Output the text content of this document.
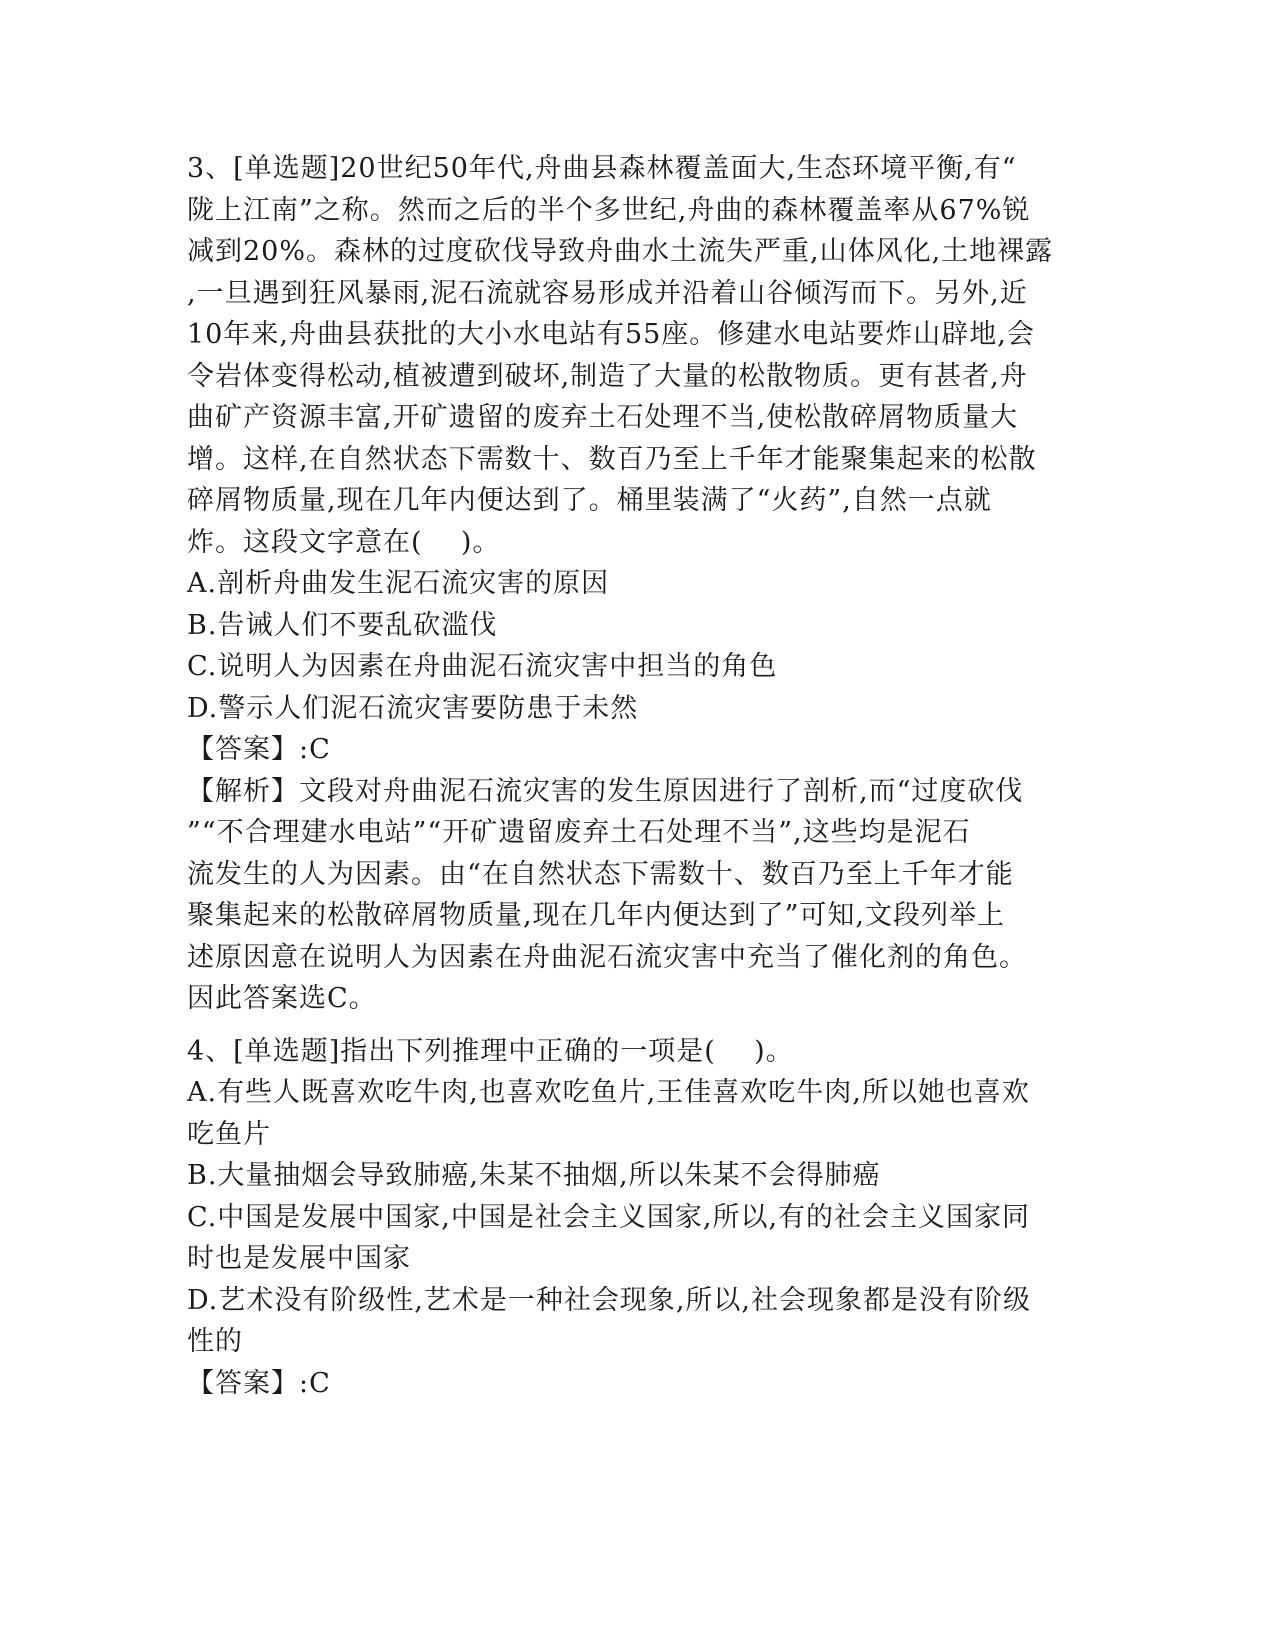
3、[单选题]20世纪50年代,舟曲县森林覆盖面大,生态环境平衡,有“
陇上江南”之称。然而之后的半个多世纪,舟曲的森林覆盖率从67%锐
减到20%。森林的过度砍伐导致舟曲水土流失严重,山体风化,土地裸露
,一旦遇到狂风暴雨,泥石流就容易形成并沿着山谷倾泻而下。另外,近
10年来,舟曲县获批的大小水电站有55座。修建水电站要炸山辟地,会
令岩体变得松动,植被遭到破坏,制造了大量的松散物质。更有甚者,舟
曲矿产资源丰富,开矿遗留的废弃土石处理不当,使松散碎屑物质量大
增。这样,在自然状态下需数十、数百乃至上千年才能聚集起来的松散
碎屑物质量,现在几年内便达到了。桶里装满了“火药”,自然一点就
炸。这段文字意在(    )。
A.剖析舟曲发生泥石流灾害的原因
B.告诫人们不要乱砍滥伐
C.说明人为因素在舟曲泥石流灾害中担当的角色
D.警示人们泥石流灾害要防患于未然
【答案】:C
【解析】文段对舟曲泥石流灾害的发生原因进行了剖析,而“过度砍伐
”“不合理建水电站”“开矿遗留废弃土石处理不当”,这些均是泥石
流发生的人为因素。由“在自然状态下需数十、数百乃至上千年才能
聚集起来的松散碎屑物质量,现在几年内便达到了”可知,文段列举上
述原因意在说明人为因素在舟曲泥石流灾害中充当了催化剂的角色。
因此答案选C。
4、[单选题]指出下列推理中正确的一项是(    )。
A.有些人既喜欢吃牛肉,也喜欢吃鱼片,王佳喜欢吃牛肉,所以她也喜欢
吃鱼片
B.大量抽烟会导致肺癌,朱某不抽烟,所以朱某不会得肺癌
C.中国是发展中国家,中国是社会主义国家,所以,有的社会主义国家同
时也是发展中国家
D.艺术没有阶级性,艺术是一种社会现象,所以,社会现象都是没有阶级
性的
【答案】:C
